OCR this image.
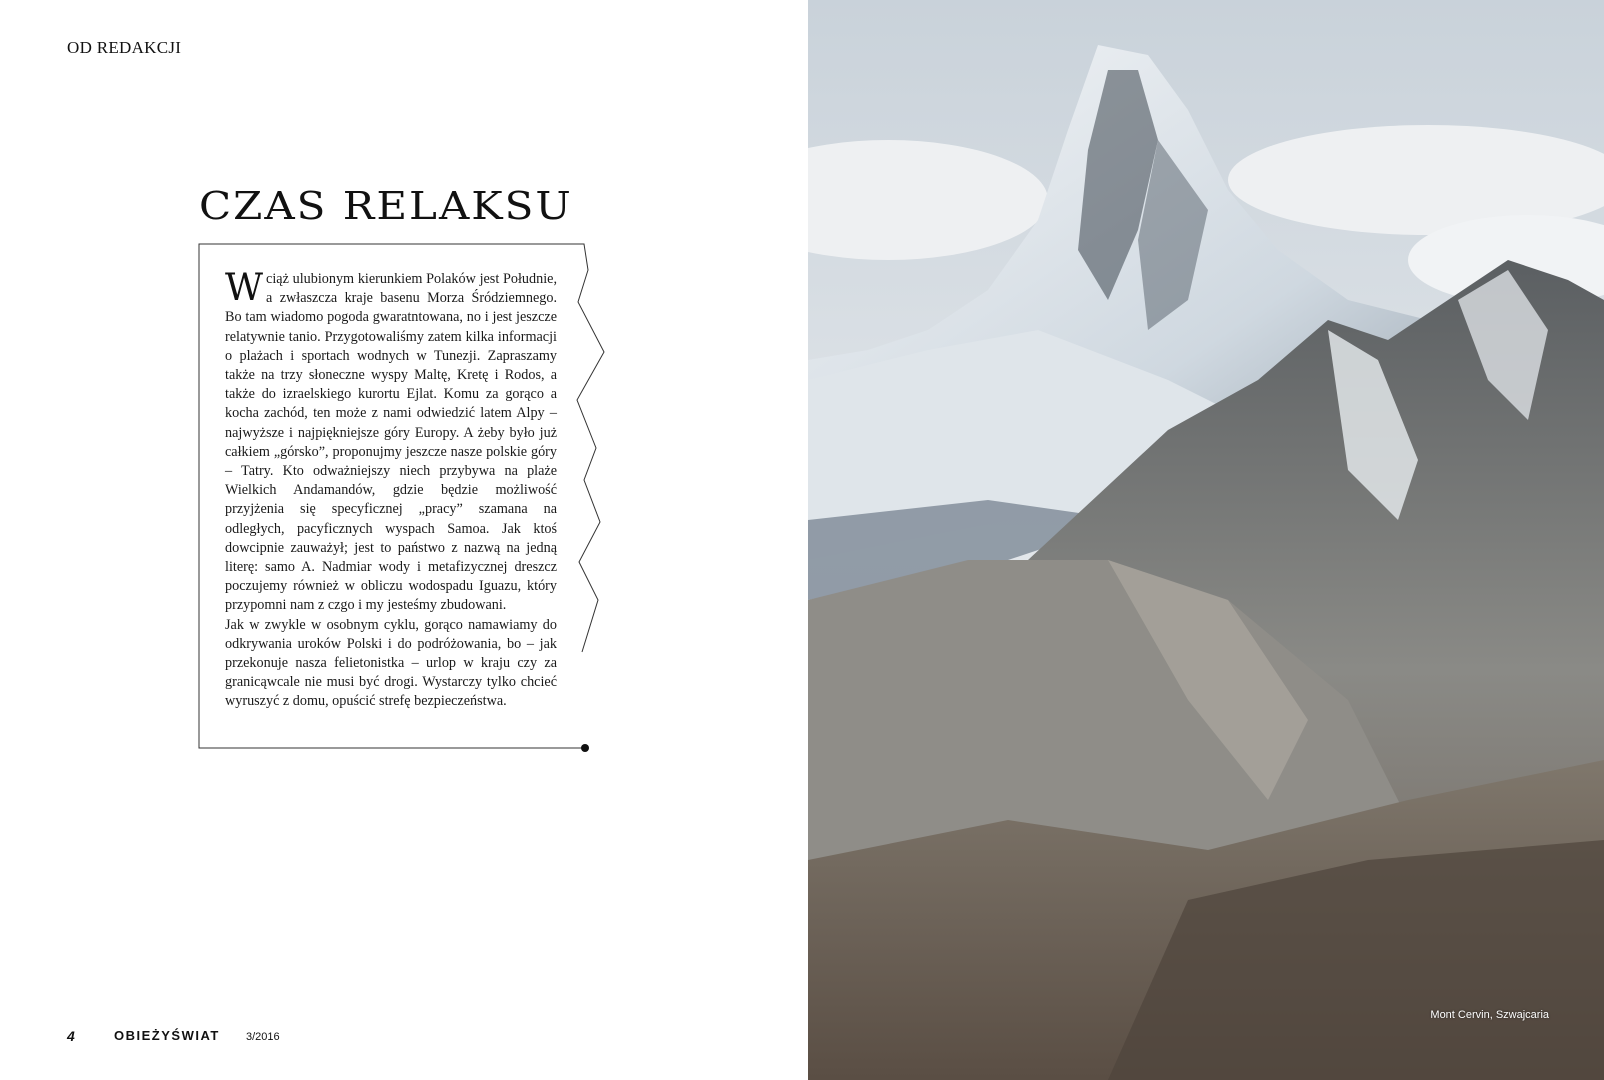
OD REDAKCJI
CZAS RELAKSU

Wciąż ulubionym kierunkiem Polaków jest Południe, a zwłaszcza kraje basenu Morza Śródziemnego. Bo tam wiadomo pogoda gwaratntowana, no i jest jeszcze relatywnie tanio. Przygotowaliśmy zatem kilka informacji o plażach i sportach wodnych w Tunezji. Zapraszamy także na trzy słoneczne wyspy Maltę, Kretę i Rodos, a także do izraelskiego kurortu Ejlat. Komu za gorąco a kocha zachód, ten może z nami odwiedzić latem Alpy – najwyższe i najpiękniejsze góry Europy. A żeby było już całkiem „górsko”, proponujmy jeszcze nasze polskie góry – Tatry. Kto odważniejszy niech przybywa na plaże Wielkich Andamandów, gdzie będzie możliwość przyjżenia się specyficznej „pracy” szamana na odległych, pacyficznych wyspach Samoa. Jak ktoś dowcipnie zauważył; jest to państwo z nazwą na jedną literę: samo A. Nadmiar wody i metafizycznej dreszcz poczujemy również w obliczu wodospadu Iguazu, który przypomni nam z czgo i my jesteśmy zbudowani.

Jak w zwykle w osobnym cyklu, gorąco namawiamy do odkrywania uroków Polski i do podróżowania, bo – jak przekonuje nasza felietonistka – urlop w kraju czy za granicąwcale nie musi być drogi. Wystarczy tylko chcieć wyruszyć z domu, opuścić strefę bezpieczeństwa.

4	OBIEŻYŚWIAT 3/2016
Mont Cervin, Szwajcaria
